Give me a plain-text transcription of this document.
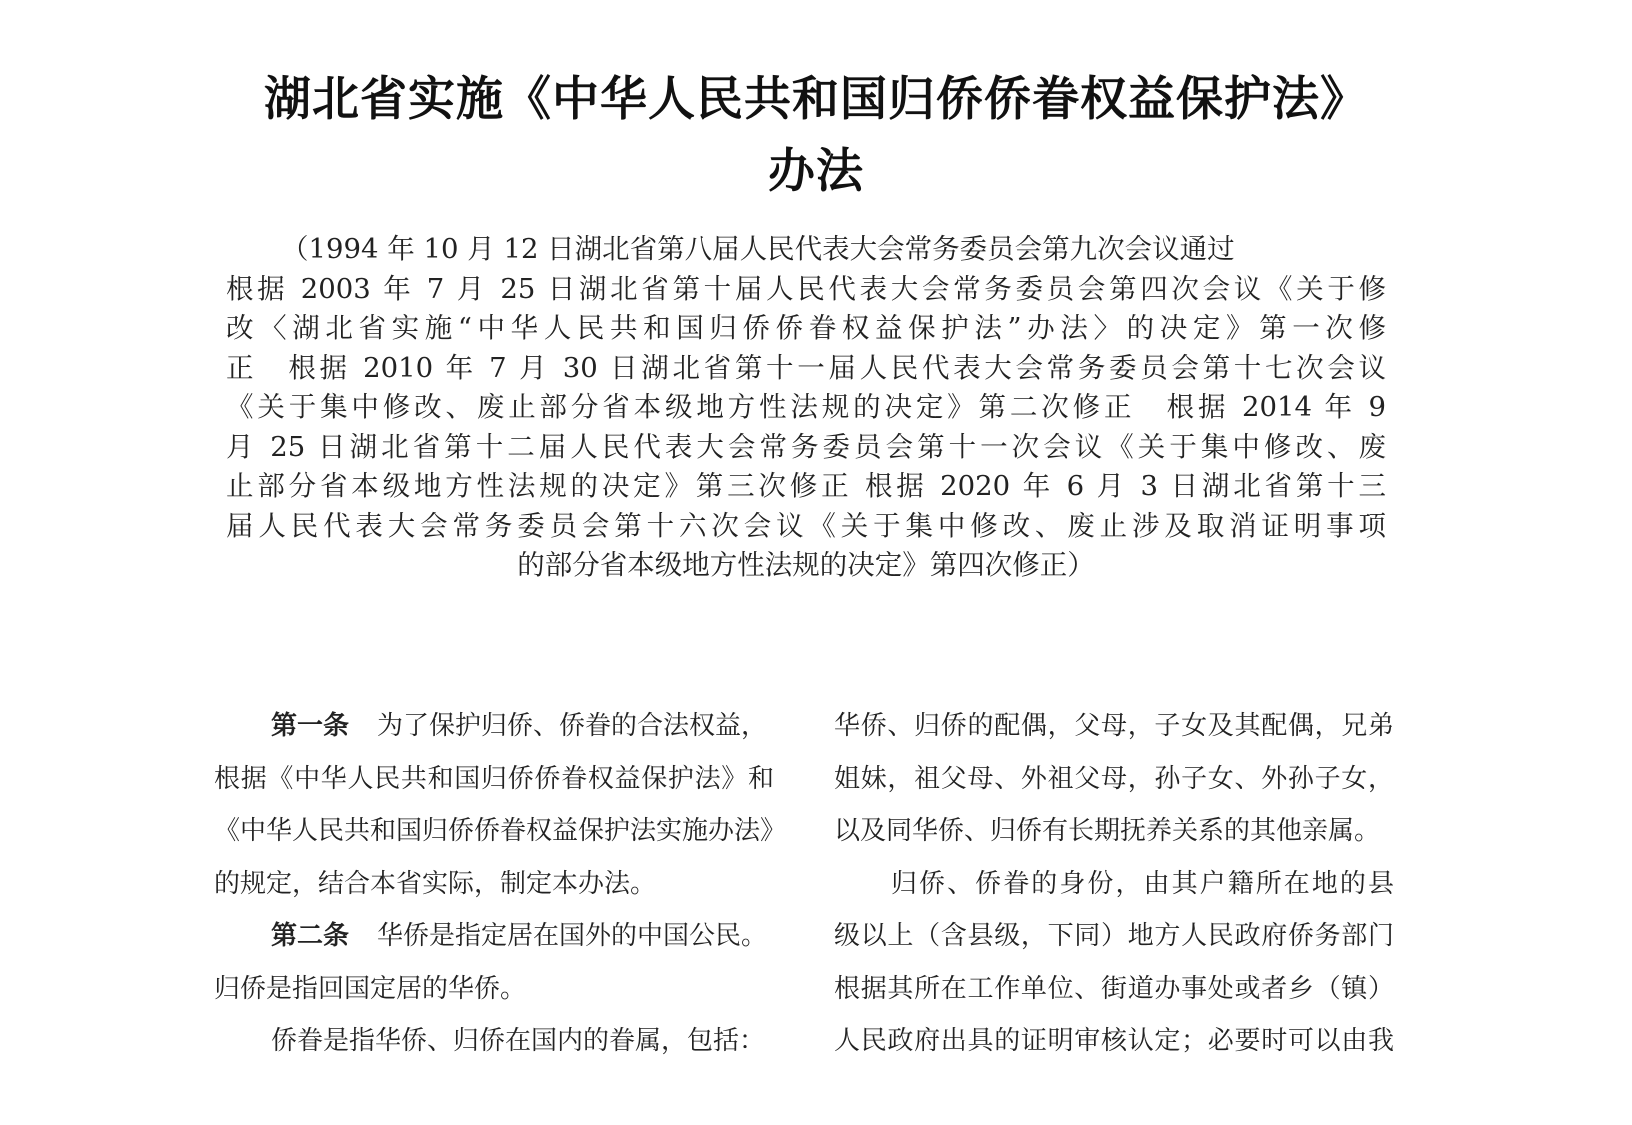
湖北省实施《中华人民共和国归侨侨眷权益保护法》
办法
（1994 年 10 月 12 日湖北省第八届人民代表大会常务委员会第九次会议通过
根据 2003 年 7 月 25 日湖北省第十届人民代表大会常务委员会第四次会议《关于修
改〈湖北省实施“中华人民共和国归侨侨眷权益保护法”办法〉的决定》第一次修
正　根据 2010 年 7 月 30 日湖北省第十一届人民代表大会常务委员会第十七次会议
《关于集中修改、废止部分省本级地方性法规的决定》第二次修正　根据 2014 年 9
月 25 日湖北省第十二届人民代表大会常务委员会第十一次会议《关于集中修改、废
止部分省本级地方性法规的决定》第三次修正 根据 2020 年 6 月 3 日湖北省第十三
届人民代表大会常务委员会第十六次会议《关于集中修改、废止涉及取消证明事项
的部分省本级地方性法规的决定》第四次修正）
第一条 为了保护归侨、侨眷的合法权益，
根据《中华人民共和国归侨侨眷权益保护法》和
《中华人民共和国归侨侨眷权益保护法实施办法》
的规定，结合本省实际，制定本办法。
第二条 华侨是指定居在国外的中国公民。
归侨是指回国定居的华侨。
侨眷是指华侨、归侨在国内的眷属，包括：
华侨、归侨的配偶，父母，子女及其配偶，兄弟
姐妹，祖父母、外祖父母，孙子女、外孙子女，
以及同华侨、归侨有长期抚养关系的其他亲属。
归侨、侨眷的身份，由其户籍所在地的县
级以上（含县级，下同）地方人民政府侨务部门
根据其所在工作单位、街道办事处或者乡（镇）
人民政府出具的证明审核认定；必要时可以由我
